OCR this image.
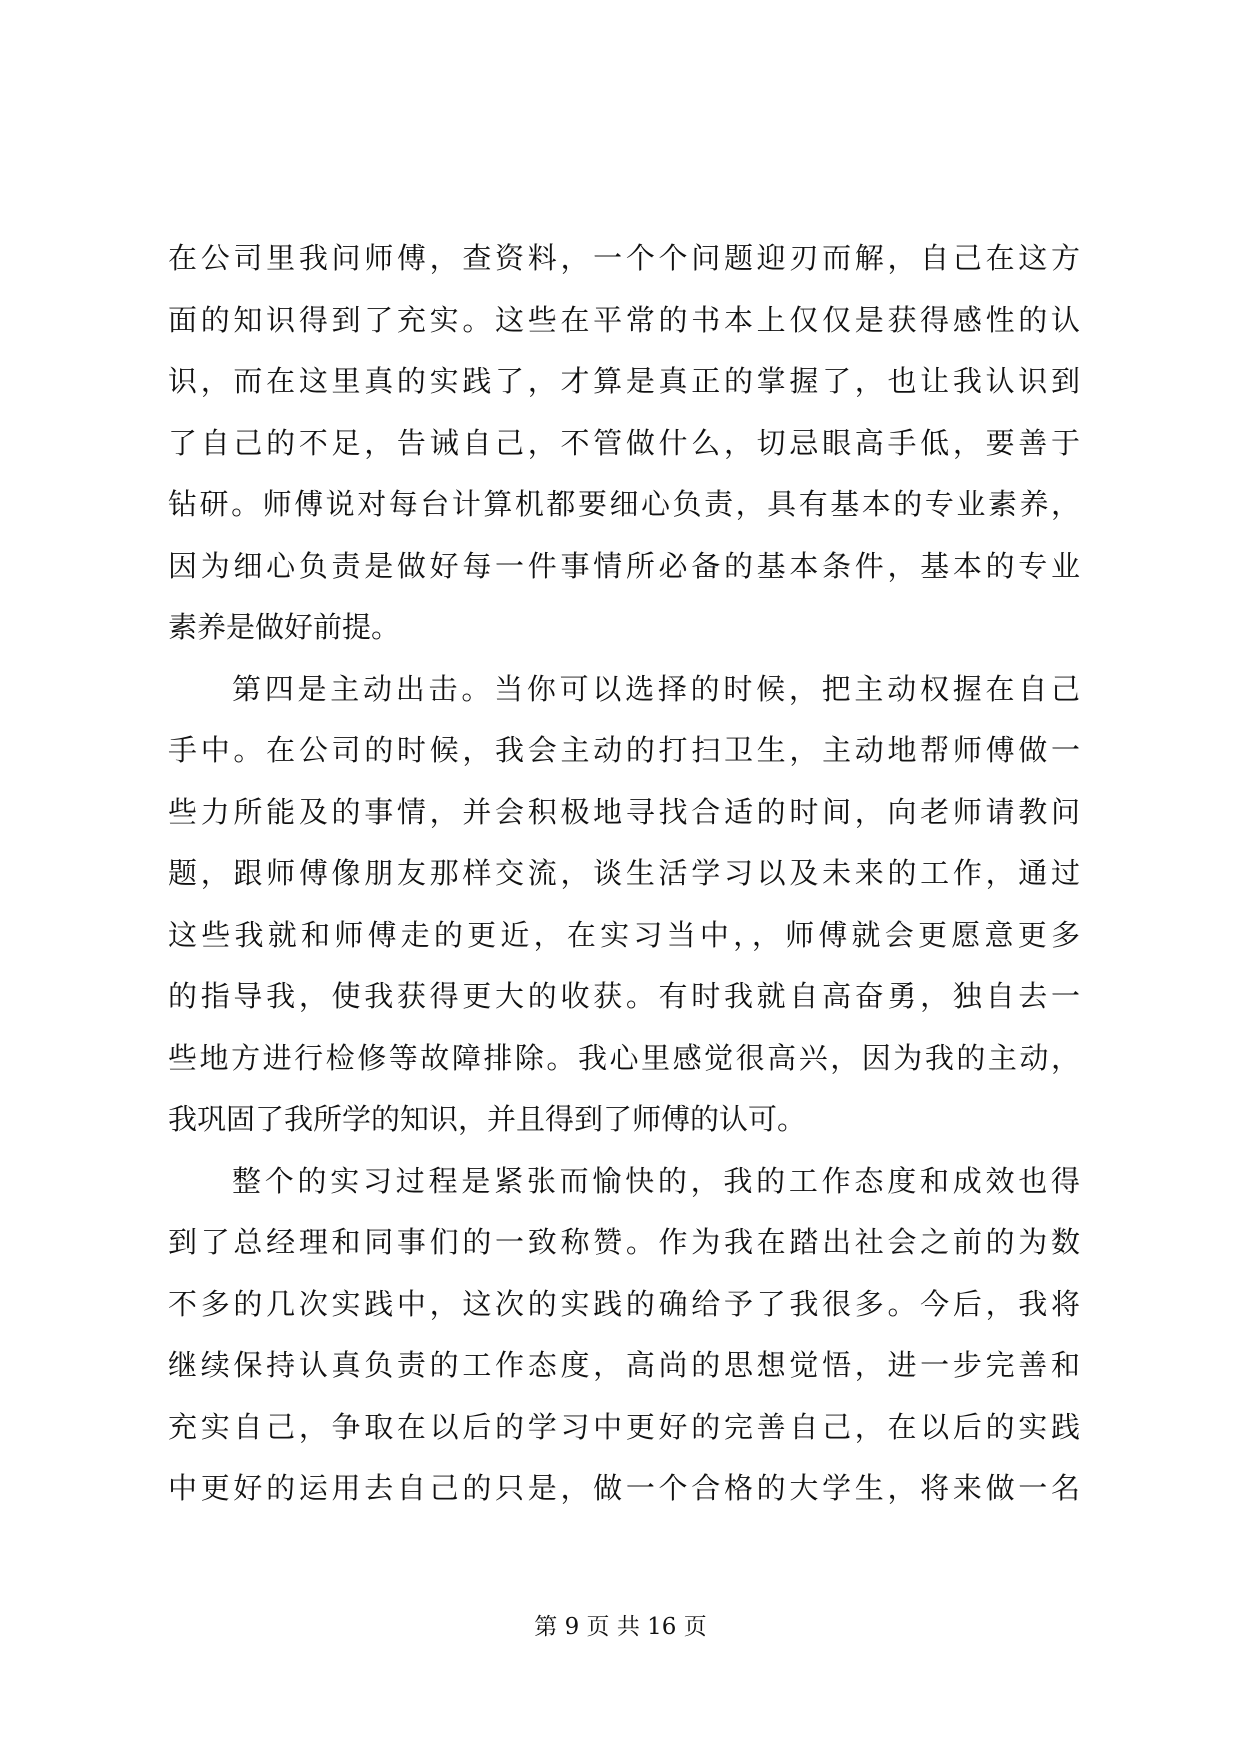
在公司里我问师傅，查资料，一个个问题迎刃而解，自己在这方
面的知识得到了充实。这些在平常的书本上仅仅是获得感性的认
识，而在这里真的实践了，才算是真正的掌握了，也让我认识到
了自己的不足，告诫自己，不管做什么，切忌眼高手低，要善于
钻研。师傅说对每台计算机都要细心负责，具有基本的专业素养，
因为细心负责是做好每一件事情所必备的基本条件，基本的专业
素养是做好前提。
第四是主动出击。当你可以选择的时候，把主动权握在自己
手中。在公司的时候，我会主动的打扫卫生，主动地帮师傅做一
些力所能及的事情，并会积极地寻找合适的时间，向老师请教问
题，跟师傅像朋友那样交流，谈生活学习以及未来的工作，通过
这些我就和师傅走的更近，在实习当中，，师傅就会更愿意更多
的指导我，使我获得更大的收获。有时我就自高奋勇，独自去一
些地方进行检修等故障排除。我心里感觉很高兴，因为我的主动，
我巩固了我所学的知识，并且得到了师傅的认可。
整个的实习过程是紧张而愉快的，我的工作态度和成效也得
到了总经理和同事们的一致称赞。作为我在踏出社会之前的为数
不多的几次实践中，这次的实践的确给予了我很多。今后，我将
继续保持认真负责的工作态度，高尚的思想觉悟，进一步完善和
充实自己，争取在以后的学习中更好的完善自己，在以后的实践
中更好的运用去自己的只是，做一个合格的大学生，将来做一名
第 9 页 共 16 页
